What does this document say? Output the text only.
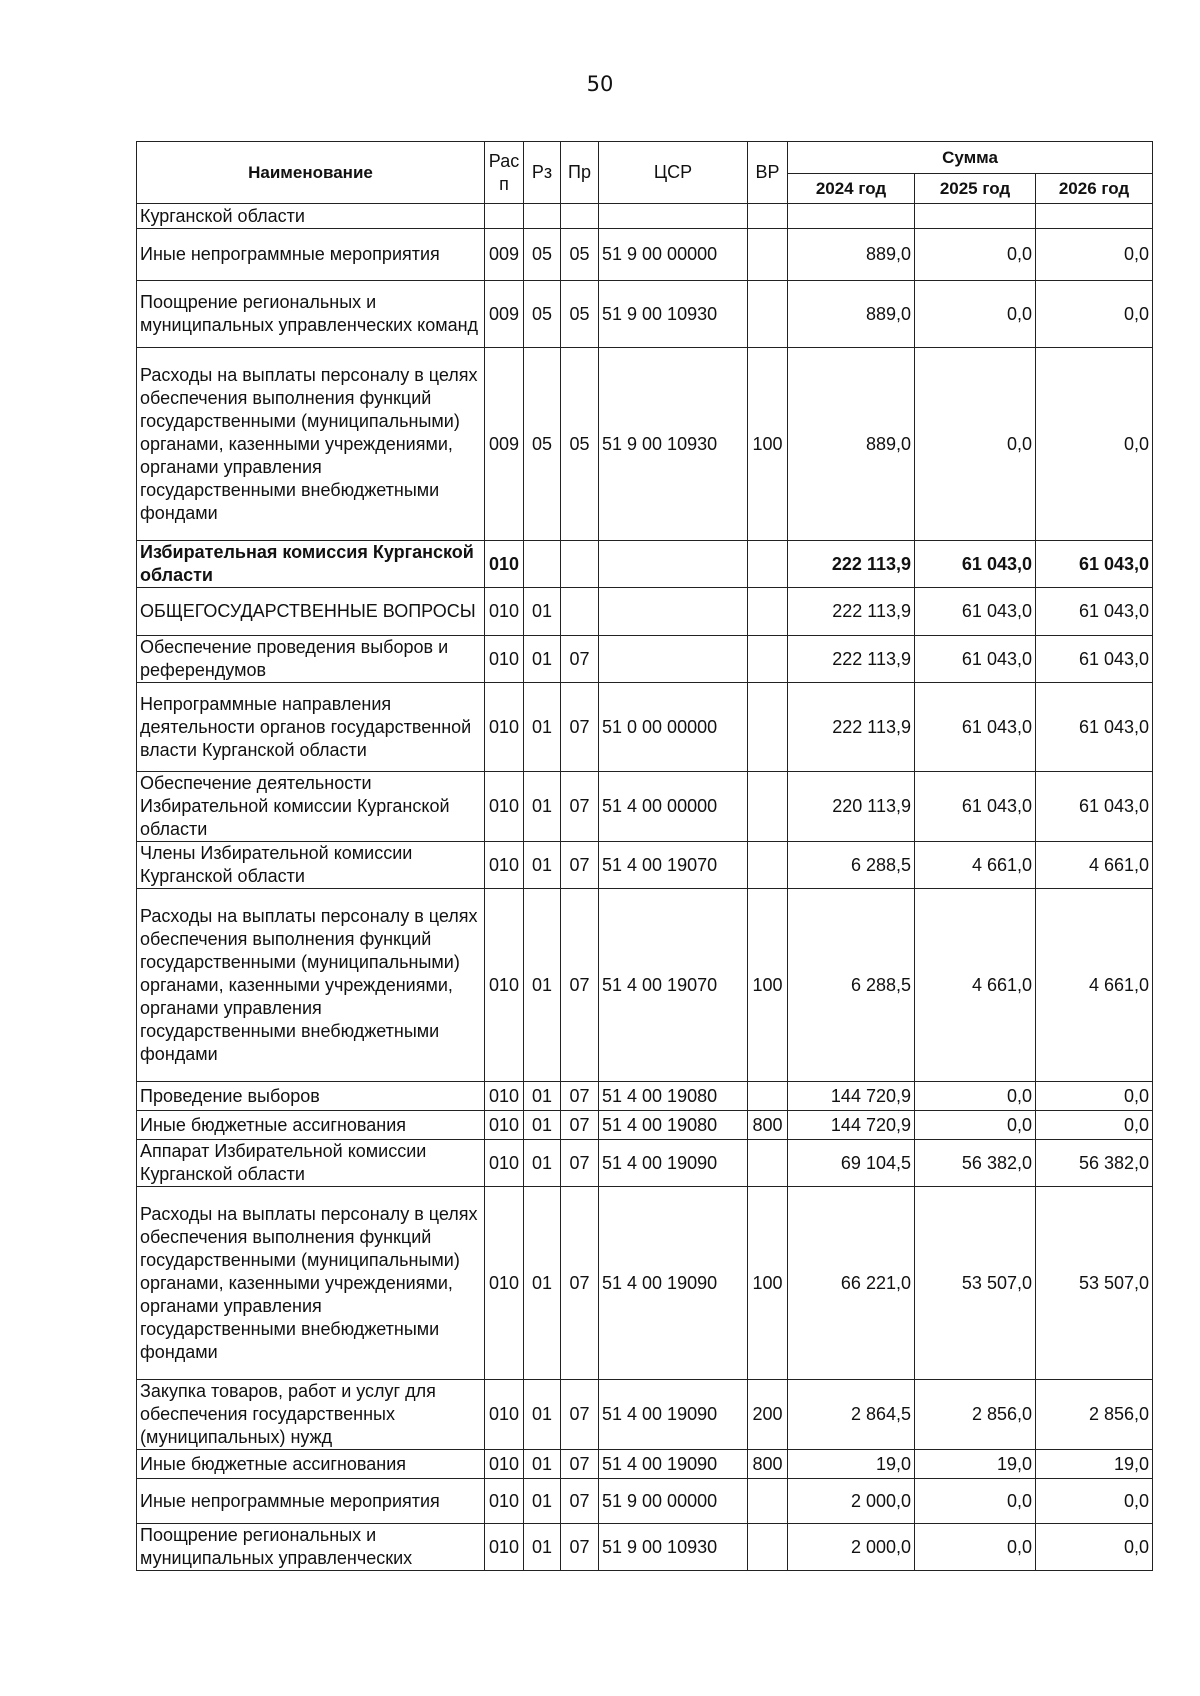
50
Наименование	Рас п	Рз	Пр	ЦСР	ВР	Сумма		
						2024 год	2025 год	2026 год
Курганской области								
Иные непрограммные мероприятия	009	05	05	51 9 00 00000		889,0	0,0	0,0
Поощрение региональных и муниципальных управленческих команд	009	05	05	51 9 00 10930		889,0	0,0	0,0
Расходы на выплаты персоналу в целях обеспечения выполнения функций государственными (муниципальными) органами, казенными учреждениями, органами управления государственными внебюджетными фондами	009	05	05	51 9 00 10930	100	889,0	0,0	0,0
Избирательная комиссия Курганской области	010					222 113,9	61 043,0	61 043,0
ОБЩЕГОСУДАРСТВЕННЫЕ ВОПРОСЫ	010	01				222 113,9	61 043,0	61 043,0
Обеспечение проведения выборов и референдумов	010	01	07			222 113,9	61 043,0	61 043,0
Непрограммные направления деятельности органов государственной власти Курганской области	010	01	07	51 0 00 00000		222 113,9	61 043,0	61 043,0
Обеспечение деятельности Избирательной комиссии Курганской области	010	01	07	51 4 00 00000		220 113,9	61 043,0	61 043,0
Члены Избирательной комиссии Курганской области	010	01	07	51 4 00 19070		6 288,5	4 661,0	4 661,0
Расходы на выплаты персоналу в целях обеспечения выполнения функций государственными (муниципальными) органами, казенными учреждениями, органами управления государственными внебюджетными фондами	010	01	07	51 4 00 19070	100	6 288,5	4 661,0	4 661,0
Проведение выборов	010	01	07	51 4 00 19080		144 720,9	0,0	0,0
Иные бюджетные ассигнования	010	01	07	51 4 00 19080	800	144 720,9	0,0	0,0
Аппарат Избирательной комиссии Курганской области	010	01	07	51 4 00 19090		69 104,5	56 382,0	56 382,0
Расходы на выплаты персоналу в целях обеспечения выполнения функций государственными (муниципальными) органами, казенными учреждениями, органами управления государственными внебюджетными фондами	010	01	07	51 4 00 19090	100	66 221,0	53 507,0	53 507,0
Закупка товаров, работ и услуг для обеспечения государственных (муниципальных) нужд	010	01	07	51 4 00 19090	200	2 864,5	2 856,0	2 856,0
Иные бюджетные ассигнования	010	01	07	51 4 00 19090	800	19,0	19,0	19,0
Иные непрограммные мероприятия	010	01	07	51 9 00 00000		2 000,0	0,0	0,0
Поощрение региональных и муниципальных управленческих	010	01	07	51 9 00 10930		2 000,0	0,0	0,0
